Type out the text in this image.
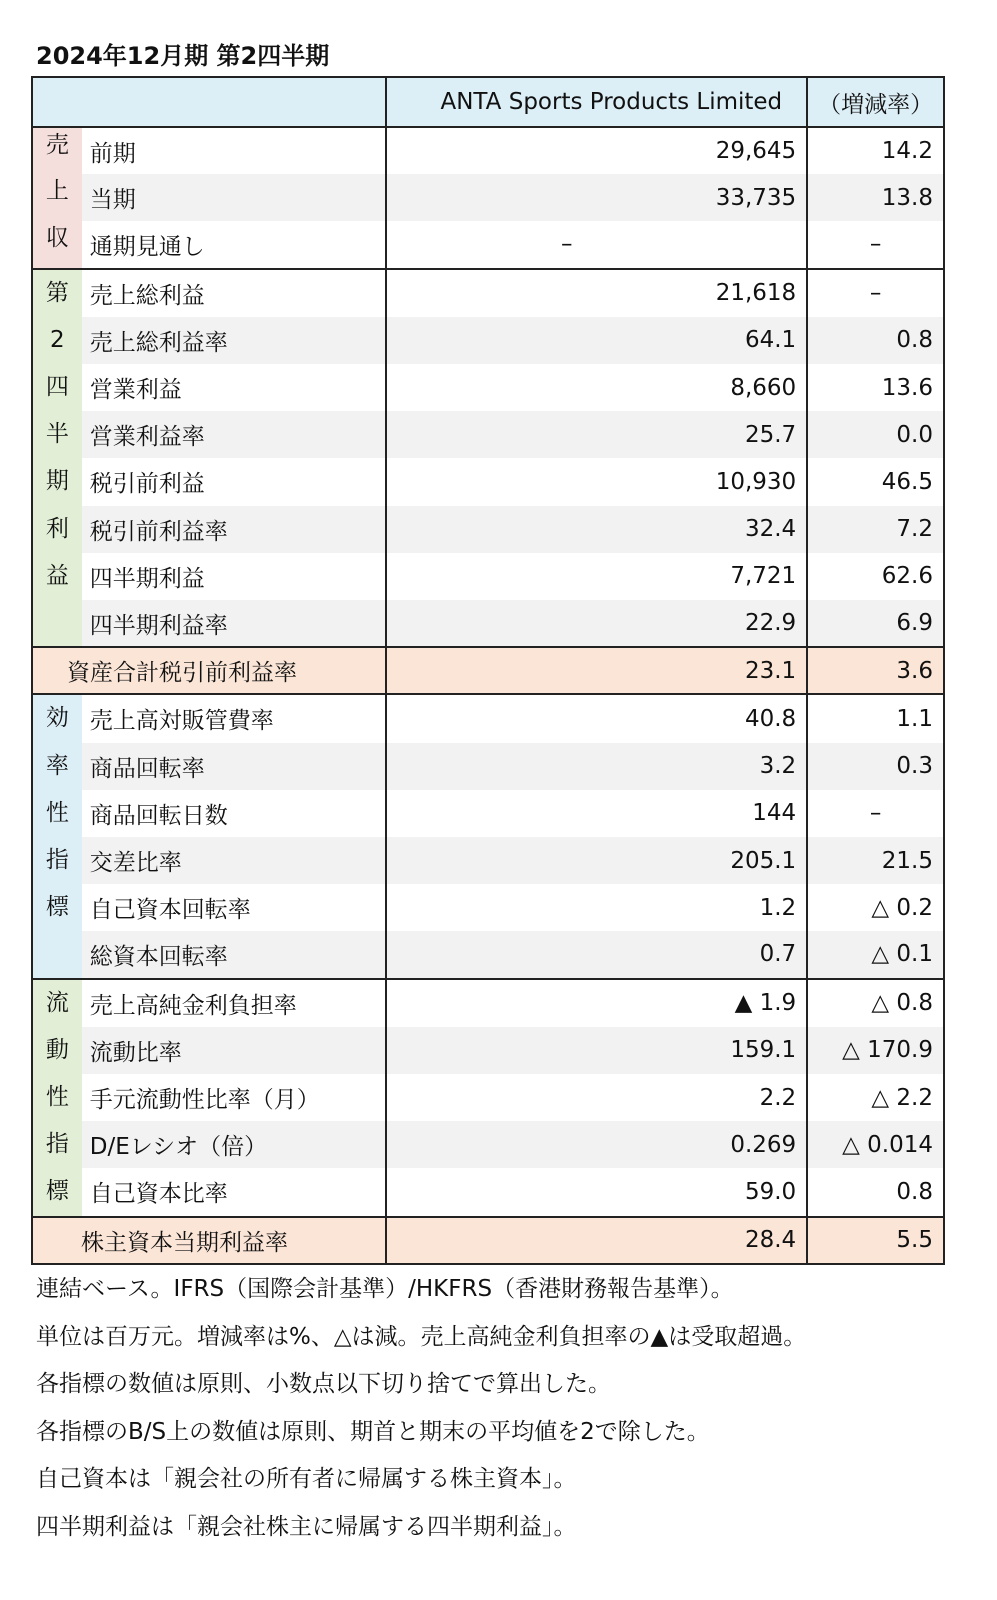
2024年12月期 第2四半期
		ANTA Sports Products Limited	（増減率）
売	前期	29,645	14.2
上	当期	33,735	13.8
収	通期見通し	–	–
第	売上総利益	21,618	–
2	売上総利益率	64.1	0.8
四	営業利益	8,660	13.6
半	営業利益率	25.7	0.0
期	税引前利益	10,930	46.5
利	税引前利益率	32.4	7.2
益	四半期利益	7,721	62.6
	四半期利益率	22.9	6.9
資産合計税引前利益率		23.1	3.6
効	売上高対販管費率	40.8	1.1
率	商品回転率	3.2	0.3
性	商品回転日数	144	–
指	交差比率	205.1	21.5
標	自己資本回転率	1.2	△ 0.2
	総資本回転率	0.7	△ 0.1
流	売上高純金利負担率	▲ 1.9	△ 0.8
動	流動比率	159.1	△ 170.9
性	手元流動性比率（月）	2.2	△ 2.2
指	D/Eレシオ（倍）	0.269	△ 0.014
標	自己資本比率	59.0	0.8
株主資本当期利益率		28.4	5.5
連結ベース。IFRS（国際会計基準）/HKFRS（香港財務報告基準）。
単位は百万元。増減率は%、△は減。売上高純金利負担率の▲は受取超過。
各指標の数値は原則、小数点以下切り捨てで算出した。
各指標のB/S上の数値は原則、期首と期末の平均値を2で除した。
自己資本は「親会社の所有者に帰属する株主資本」。
四半期利益は「親会社株主に帰属する四半期利益」。
